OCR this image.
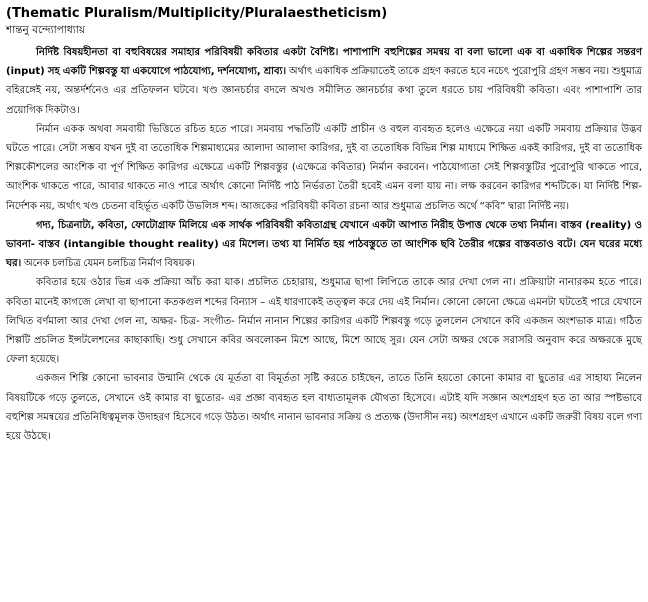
(Thematic Pluralism/Multiplicity/Pluralaestheticism)
শান্তনু বন্দ্যোপাধ্যায়

নির্দিষ্ট বিষয়হীনতা বা বহুবিষয়ের সমাহার পরিবিষয়ী কবিতার একটা বৈশিষ্ট। পাশাপাশি বহুশিল্পের সমন্বয় বা বলা ভালো এক বা একাধিক শিল্পের সন্তরণ (input) সহ একটি শিল্পবস্তু যা একযোগে পাঠযোগ্য, দর্শনযোগ্য, শ্রাব্য। অর্থাৎ একাধিক প্রক্রিয়াতেই তাকে গ্রহণ করতে হবে নচেৎ পুরোপুরি গ্রহণ সম্ভব নয়। শুধুমাত্র বহিরঙ্গেই নয়, অন্তর্দর্শনেও এর প্রতিফলন ঘটবে। খণ্ড জ্ঞানচর্চার বদলে অখণ্ড সমীলিত জ্ঞানচর্চার কথা তুলে ধরতে চায় পরিবিষয়ী কবিতা। এবং পাশাপাশি তার প্রয়োগিক দিকটাও।

নির্মান একক অথবা সমবায়ী ভিত্তিতে রচিত হতে পারে। সমবায় পদ্ধতিটি একটি প্রাচীন ও বহুল ব্যবহৃত হলেও এক্ষেত্রে নয়া একটি সমবায় প্রক্রিয়ার উদ্ভব ঘটতে পারে। সেটা সম্ভব যখন দুই বা ততোধিক শিল্পমাধ্যমের আলাদা আলাদা কারিগর, দুই বা ততোধিক বিভিন্ন শিল্প মাধ্যমে শিক্ষিত একই কারিগর, দুই বা ততোধিক শিল্পকৌশলের আংশিক বা পূর্ণ শিক্ষিত কারিগর এক্ষেত্রে একটি শিল্পবস্তুর (এক্ষেত্রে কবিতার) নির্মান করবেন। পাঠযোগ্যতা সেই শিল্পবস্তুটির পুরোপুরি থাকতে পারে, আংশিক থাকতে পারে, আবার থাকতে নাও পারে অর্থাৎ কোনো নির্দিষ্ট পাঠ নির্ভরতা তৈরী হবেই এমন বলা যায় না। লক্ষ করবেন কারিগর শব্দটিকে। যা নির্দিষ্ট শিল্প- নির্দেশক নয়, অর্থাৎ খণ্ড চেতনা বহির্ভূত একটি উভলিঙ্গ শব্দ। আজকের পরিবিষয়ী কবিতা রচনা আর শুধুমাত্র প্রচলিত অর্থে “কবি” দ্বারা নির্দিষ্ট নয়।

গদ্য, চিত্রনাট্য, কবিতা, ফোটোগ্রাফ মিলিয়ে এক সার্থক পরিবিষয়ী কবিতাগ্রন্থ যেখানে একটা আপাত নিরীহ উপাত্ত থেকে তথ্য নির্মান। বাস্তব (reality) ও ভাবনা- বাস্তব (intangible thought reality) এর মিশেল। তথ্য যা নির্মিত হয় পাঠবস্তুতে তা আংশিক ছবি তৈরীর গল্পের বাস্তবতাও বটে। যেন ঘরের মধ্যে ঘর। অনেক চলচিত্র যেমন চলচিত্র নির্মাণ বিষয়ক।

কবিতার হয়ে ওঠার ভিন্ন এক প্রক্রিয়া আঁচ করা যাক। প্রচলিত চেহারায়, শুধুমাত্র ছাপা লিপিতে তাকে আর দেখা গেল না। প্রক্রিয়াটা নানারকম হতে পারে। কবিতা মানেই কাগজে লেখা বা ছাপানো কতকগুল শব্দের বিন্যাস – এই ধারণাকেই তত্ত্বল করে দেয় এই নির্মান। কোনো কোনো ক্ষেত্রে এমনটা ঘটতেই পারে যেখানে লিখিত বর্ণমালা আর দেখা গেল না, অক্ষর- চিত্র- সংগীত- নির্মান নানান শিল্পের কারিগর একটি শিল্পবস্তু গড়ে তুললেন সেখানে কবি একজন অংশভাক মাত্র। গঠিত শিল্পটি প্রচলিত ইন্সটলেশনের কাছাকাছি। শুধু সেখানে কবির অবলোকন মিশে আছে, মিশে আছে সুর। যেন সেটা অক্ষর থেকে সরাসরি অনুবাদ করে অক্ষরকে মুছে ফেলা হয়েছে।

একজন শিল্পি কোনো ভাবনার উন্মানি থেকে যে মূর্ততা বা বিমূর্ততা সৃষ্টি করতে চাইছেন, তাতে তিনি হয়তো কোনো কামার বা ছুতোর এর সাহায্য নিলেন বিষয়টিকে গড়ে তুলতে, সেখানে ওই কামার বা ছুতোর- এর প্রজ্ঞা ব্যবহৃত হল বাধ্যতামূলক যৌথতা হিসেবে। এটাই যদি সজ্ঞান অংশগ্রহণ হত তা আর স্পষ্টভাবে বহুশিল্প সমন্বয়ের প্রতিনিধিত্বমূলক উদাহরণ হিসেবে গড়ে উঠত। অর্থাৎ নানান ভাবনার সক্রিয় ও প্রত্যক্ষ (উদাসীন নয়) অংশগ্রহণ এখানে একটি জরুরী বিষয় বলে গণ্য হয়ে উঠছে।
